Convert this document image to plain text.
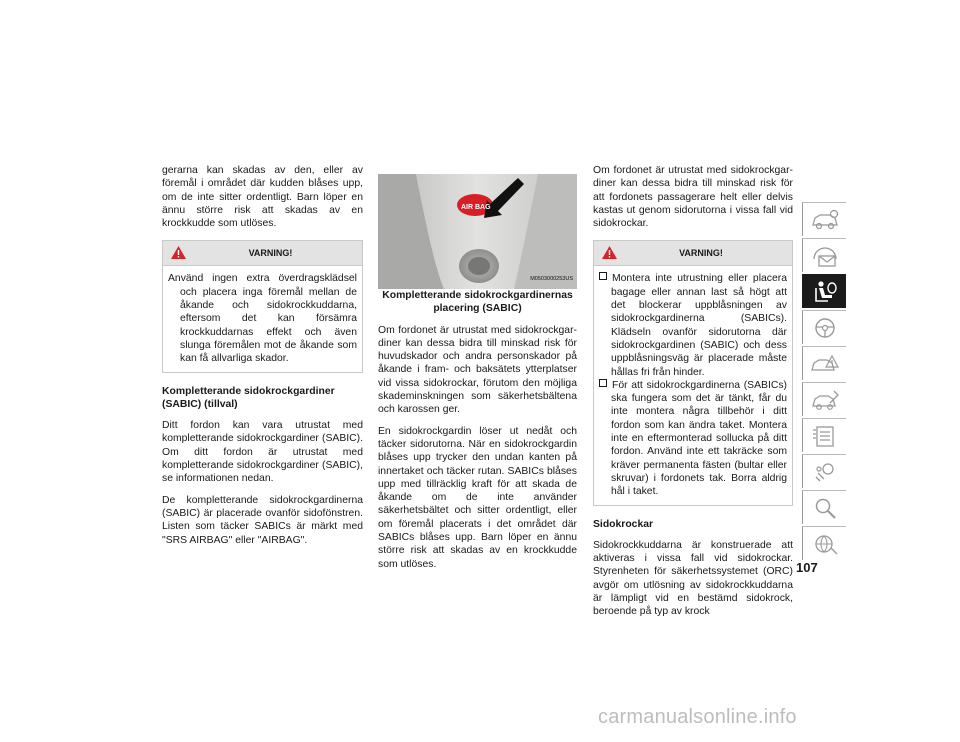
gerarna kan skadas av den, eller av föremål i området där kudden blåses upp, om de inte sitter ordentligt. Barn löper en ännu större risk att skadas av en krockkudde som utlöses.

VARNING!

Använd ingen extra överdragsklädsel och placera inga föremål mellan de åkande och sidokrockkuddarna, eftersom det kan försämra krockkuddarnas effekt och även slunga föremålen mot de åkande som kan få allvarliga skador.

Kompletterande sidokrockgardiner (SABIC) (tillval)

Ditt fordon kan vara utrustat med kompletterande sidokrockgardiner (SABIC). Om ditt fordon är utrustat med kompletterande sidokrockgardiner (SABIC), se informationen nedan.

De kompletterande sidokrockgardinerna (SABIC) är placerade ovanför sidofönstren. Listen som täcker SABICs är märkt med "SRS AIRBAG" eller "AIRBAG".

AIR BAG
M0503000253US

Kompletterande sidokrockgardinernas placering (SABIC)

Om fordonet är utrustat med sidokrockgardiner kan dessa bidra till minskad risk för huvudskador och andra personskador på åkande i fram- och baksätets ytterplatser vid vissa sidokrockar, förutom den möjliga skademinskningen som säkerhetsbältena och karossen ger.

En sidokrockgardin löser ut nedåt och täcker sidorutorna. När en sidokrockgardin blåses upp trycker den undan kanten på innertaket och täcker rutan. SABICs blåses upp med tillräcklig kraft för att skada de åkande om de inte använder säkerhetsbältet och sitter ordentligt, eller om föremål placerats i det området där SABICs blåses upp. Barn löper en ännu större risk att skadas av en krockkudde som utlöses.

Om fordonet är utrustat med sidokrockgardiner kan dessa bidra till minskad risk för att fordonets passagerare helt eller delvis kastas ut genom sidorutorna i vissa fall vid sidokrockar.

VARNING!

Montera inte utrustning eller placera bagage eller annan last så högt att det blockerar uppblåsningen av sidokrockgardinerna (SABICs). Klädseln ovanför sidorutorna där sidokrockgardinen (SABIC) och dess uppblåsningsväg är placerade måste hållas fri från hinder.

För att sidokrockgardinerna (SABICs) ska fungera som det är tänkt, får du inte montera några tillbehör i ditt fordon som kan ändra taket. Montera inte en eftermonterad sollucka på ditt fordon. Använd inte ett takräcke som kräver permanenta fästen (bultar eller skruvar) i fordonets tak. Borra aldrig hål i taket.

Sidokrockar

Sidokrockkuddarna är konstruerade att aktiveras i vissa fall vid sidokrockar. Styrenheten för säkerhetssystemet (ORC) avgör om utlösning av sidokrockkuddarna är lämpligt vid en bestämd sidokrock, beroende på typ av krock

107
carmanualsonline.info
